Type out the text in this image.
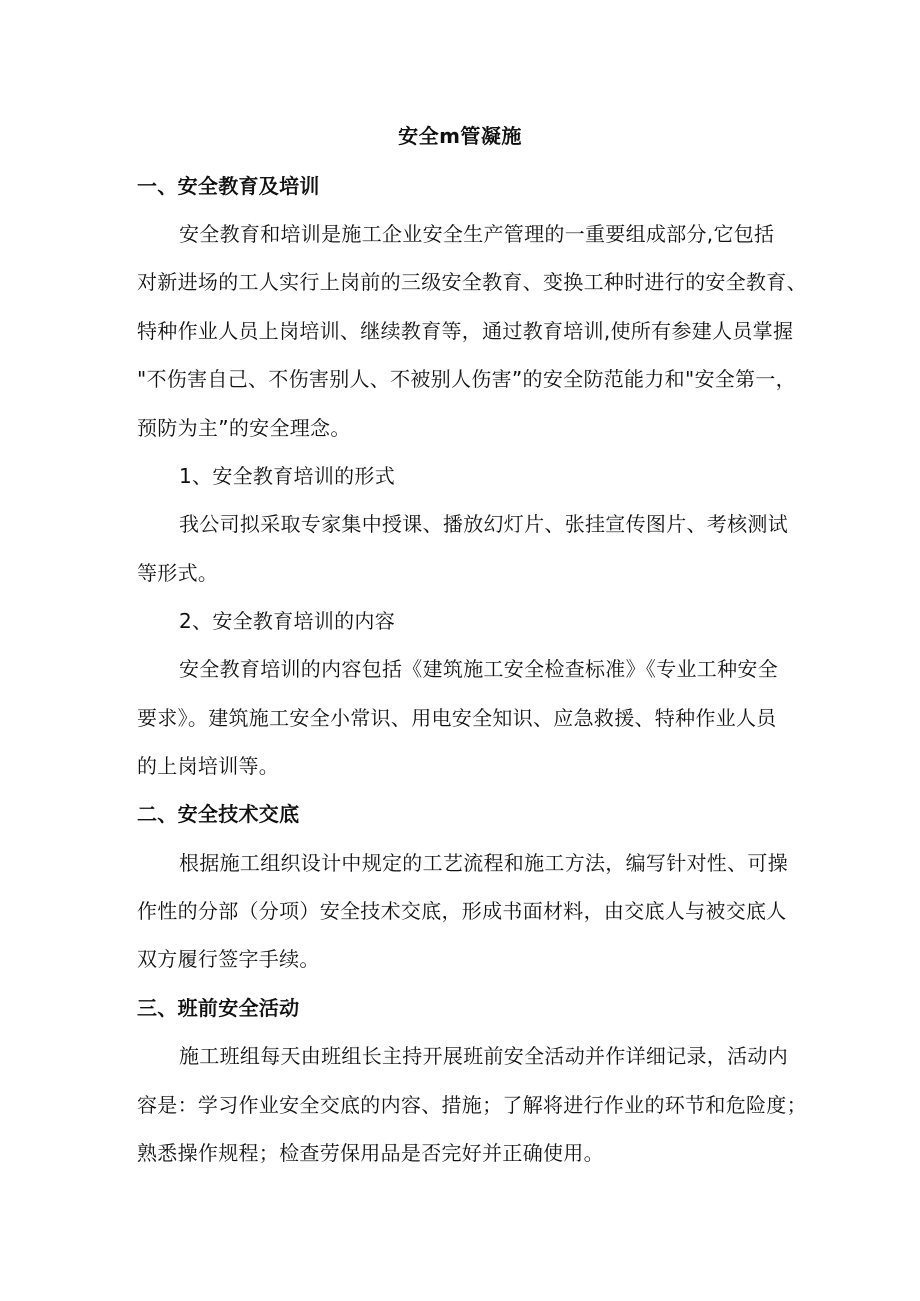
安全m管凝施
一、安全教育及培训
安全教育和培训是施工企业安全生产管理的一重要组成部分,它包括
对新进场的工人实行上岗前的三级安全教育、变换工种时进行的安全教育、
特种作业人员上岗培训、继续教育等，通过教育培训,使所有参建人员掌握
"不伤害自己、不伤害别人、不被别人伤害”的安全防范能力和"安全第一，
预防为主”的安全理念。
1、安全教育培训的形式
我公司拟采取专家集中授课、播放幻灯片、张挂宣传图片、考核测试
等形式。
2、安全教育培训的内容
安全教育培训的内容包括《建筑施工安全检查标准》《专业工种安全
要求》。建筑施工安全小常识、用电安全知识、应急救援、特种作业人员
的上岗培训等。
二、安全技术交底
根据施工组织设计中规定的工艺流程和施工方法，编写针对性、可操
作性的分部（分项）安全技术交底，形成书面材料，由交底人与被交底人
双方履行签字手续。
三、班前安全活动
施工班组每天由班组长主持开展班前安全活动并作详细记录，活动内
容是：学习作业安全交底的内容、措施；了解将进行作业的环节和危险度；
熟悉操作规程；检查劳保用品是否完好并正确使用。
